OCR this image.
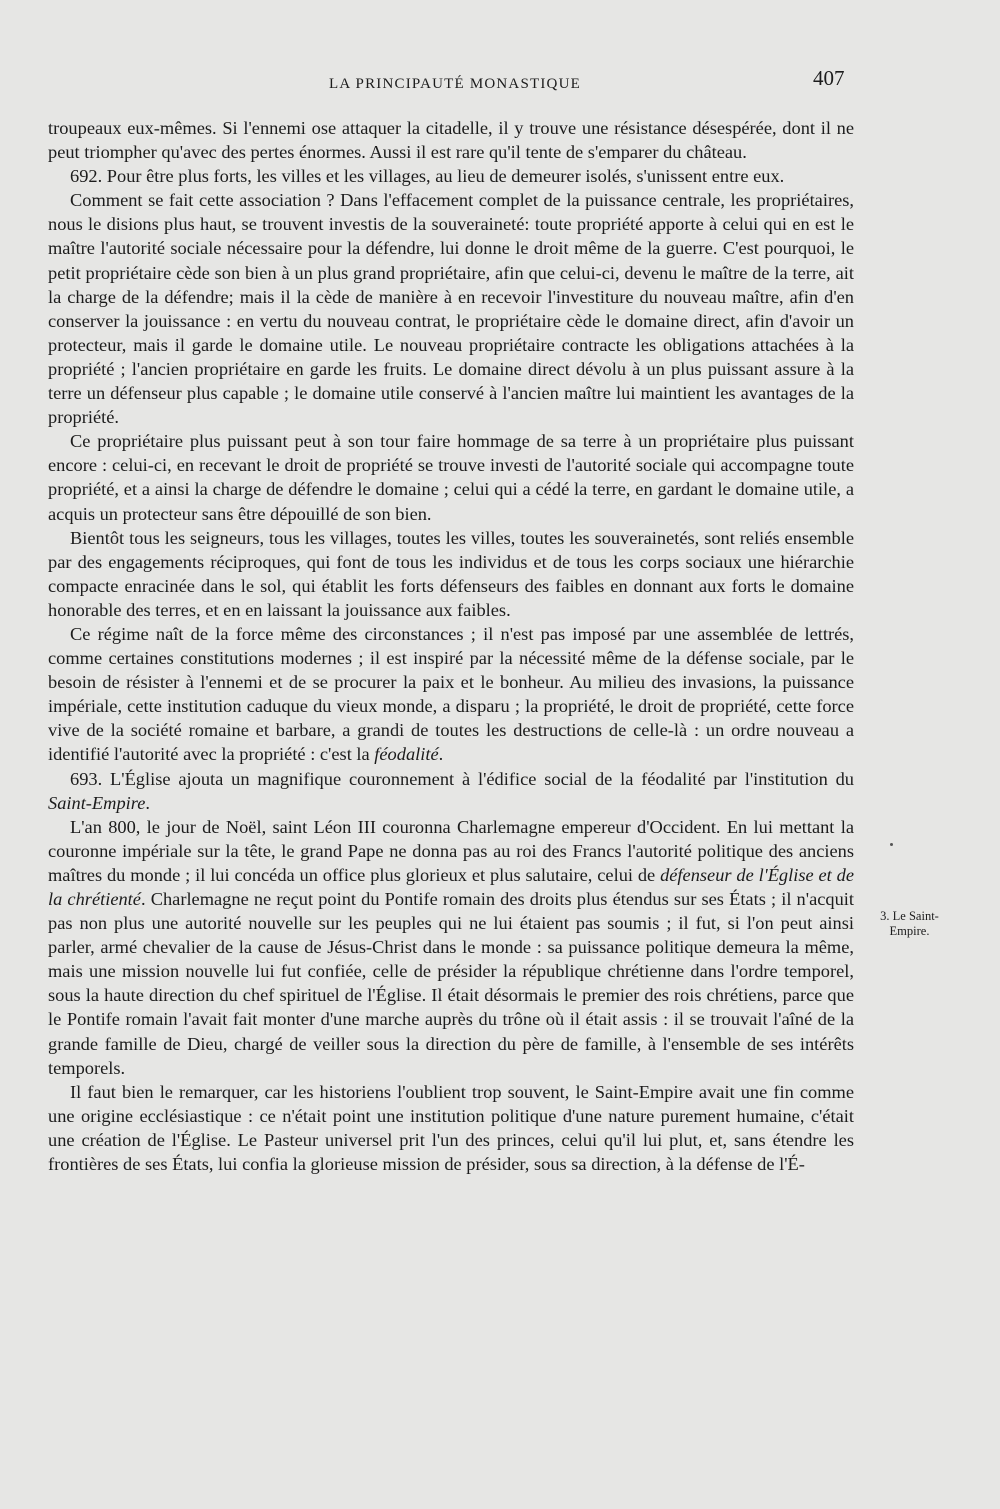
LA PRINCIPAUTÉ MONASTIQUE	407

troupeaux eux-mêmes. Si l'ennemi ose attaquer la citadelle, il y trouve une résistance désespérée, dont il ne peut triompher qu'avec des pertes énormes. Aussi il est rare qu'il tente de s'emparer du château.

692. Pour être plus forts, les villes et les villages, au lieu de demeurer isolés, s'unissent entre eux.

Comment se fait cette association ? Dans l'effacement complet de la puissance centrale, les propriétaires, nous le disions plus haut, se trouvent investis de la souveraineté: toute propriété apporte à celui qui en est le maître l'autorité sociale nécessaire pour la défendre, lui donne le droit même de la guerre. C'est pourquoi, le petit propriétaire cède son bien à un plus grand propriétaire, afin que celui-ci, devenu le maître de la terre, ait la charge de la défendre; mais il la cède de manière à en recevoir l'investiture du nouveau maître, afin d'en conserver la jouissance : en vertu du nouveau contrat, le propriétaire cède le domaine direct, afin d'avoir un protecteur, mais il garde le domaine utile. Le nouveau propriétaire contracte les obligations attachées à la propriété ; l'ancien propriétaire en garde les fruits. Le domaine direct dévolu à un plus puissant assure à la terre un défenseur plus capable ; le domaine utile conservé à l'ancien maître lui maintient les avantages de la propriété.

Ce propriétaire plus puissant peut à son tour faire hommage de sa terre à un propriétaire plus puissant encore : celui-ci, en recevant le droit de propriété se trouve investi de l'autorité sociale qui accompagne toute propriété, et a ainsi la charge de défendre le domaine ; celui qui a cédé la terre, en gardant le domaine utile, a acquis un protecteur sans être dépouillé de son bien.

Bientôt tous les seigneurs, tous les villages, toutes les villes, toutes les souverainetés, sont reliés ensemble par des engagements réciproques, qui font de tous les individus et de tous les corps sociaux une hiérarchie compacte enracinée dans le sol, qui établit les forts défenseurs des faibles en donnant aux forts le domaine honorable des terres, et en en laissant la jouissance aux faibles.

Ce régime naît de la force même des circonstances ; il n'est pas imposé par une assemblée de lettrés, comme certaines constitutions modernes ; il est inspiré par la nécessité même de la défense sociale, par le besoin de résister à l'ennemi et de se procurer la paix et le bonheur. Au milieu des invasions, la puissance impériale, cette institution caduque du vieux monde, a disparu ; la propriété, le droit de propriété, cette force vive de la société romaine et barbare, a grandi de toutes les destructions de celle-là : un ordre nouveau a identifié l'autorité avec la propriété : c'est la féodalité.

693. L'Église ajouta un magnifique couronnement à l'édifice social de la féodalité par l'institution du Saint-Empire.

L'an 800, le jour de Noël, saint Léon III couronna Charlemagne empereur d'Occident. En lui mettant la couronne impériale sur la tête, le grand Pape ne donna pas au roi des Francs l'autorité politique des anciens maîtres du monde ; il lui concéda un office plus glorieux et plus salutaire, celui de défenseur de l'Église et de la chrétienté. Charlemagne ne reçut point du Pontife romain des droits plus étendus sur ses États ; il n'acquit pas non plus une autorité nouvelle sur les peuples qui ne lui étaient pas soumis ; il fut, si l'on peut ainsi parler, armé chevalier de la cause de Jésus-Christ dans le monde : sa puissance politique demeura la même, mais une mission nouvelle lui fut confiée, celle de présider la république chrétienne dans l'ordre temporel, sous la haute direction du chef spirituel de l'Église. Il était désormais le premier des rois chrétiens, parce que le Pontife romain l'avait fait monter d'une marche auprès du trône où il était assis : il se trouvait l'aîné de la grande famille de Dieu, chargé de veiller sous la direction du père de famille, à l'ensemble de ses intérêts temporels.

Il faut bien le remarquer, car les historiens l'oublient trop souvent, le Saint-Empire avait une fin comme une origine ecclésiastique : ce n'était point une institution politique d'une nature purement humaine, c'était une création de l'Église. Le Pasteur universel prit l'un des princes, celui qu'il lui plut, et, sans étendre les frontières de ses États, lui confia la glorieuse mission de présider, sous sa direction, à la défense de l'É-

3. Le Saint-Empire.
